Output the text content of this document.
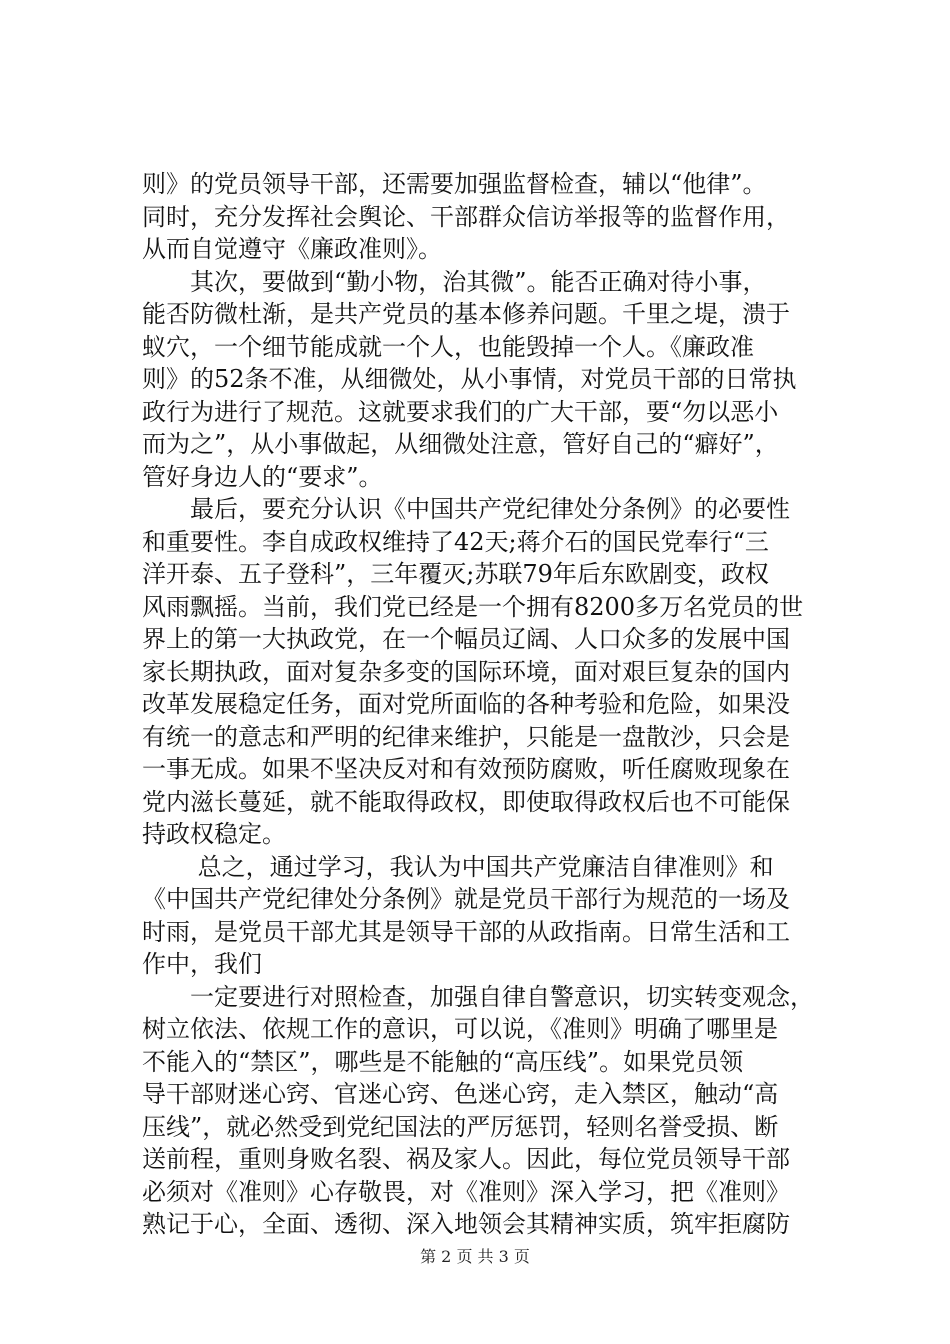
则》的党员领导干部，还需要加强监督检查，辅以“他律”。
同时，充分发挥社会舆论、干部群众信访举报等的监督作用，
从而自觉遵守《廉政准则》。
　　其次，要做到“勤小物，治其微”。能否正确对待小事，
能否防微杜渐，是共产党员的基本修养问题。千里之堤，溃于
蚁穴，一个细节能成就一个人，也能毁掉一个人。《廉政准
则》的52条不准，从细微处，从小事情，对党员干部的日常执
政行为进行了规范。这就要求我们的广大干部，要“勿以恶小
而为之”，从小事做起，从细微处注意，管好自己的“癖好”，
管好身边人的“要求”。
　　最后，要充分认识《中国共产党纪律处分条例》的必要性
和重要性。李自成政权维持了42天;蒋介石的国民党奉行“三
洋开泰、五子登科”，三年覆灭;苏联79年后东欧剧变，政权
风雨飘摇。当前，我们党已经是一个拥有8200多万名党员的世
界上的第一大执政党，在一个幅员辽阔、人口众多的发展中国
家长期执政，面对复杂多变的国际环境，面对艰巨复杂的国内
改革发展稳定任务，面对党所面临的各种考验和危险，如果没
有统一的意志和严明的纪律来维护，只能是一盘散沙，只会是
一事无成。如果不坚决反对和有效预防腐败，听任腐败现象在
党内滋长蔓延，就不能取得政权，即使取得政权后也不可能保
持政权稳定。
　　 总之，通过学习，我认为中国共产党廉洁自律准则》和
《中国共产党纪律处分条例》就是党员干部行为规范的一场及
时雨，是党员干部尤其是领导干部的从政指南。日常生活和工
作中，我们
　　一定要进行对照检查，加强自律自警意识，切实转变观念，
树立依法、依规工作的意识，可以说，《准则》明确了哪里是
不能入的“禁区”，哪些是不能触的“高压线”。如果党员领
导干部财迷心窍、官迷心窍、色迷心窍，走入禁区，触动“高
压线”，就必然受到党纪国法的严厉惩罚，轻则名誉受损、断
送前程，重则身败名裂、祸及家人。因此，每位党员领导干部
必须对《准则》心存敬畏，对《准则》深入学习，把《准则》
熟记于心，全面、透彻、深入地领会其精神实质，筑牢拒腐防
第 2 页 共 3 页
